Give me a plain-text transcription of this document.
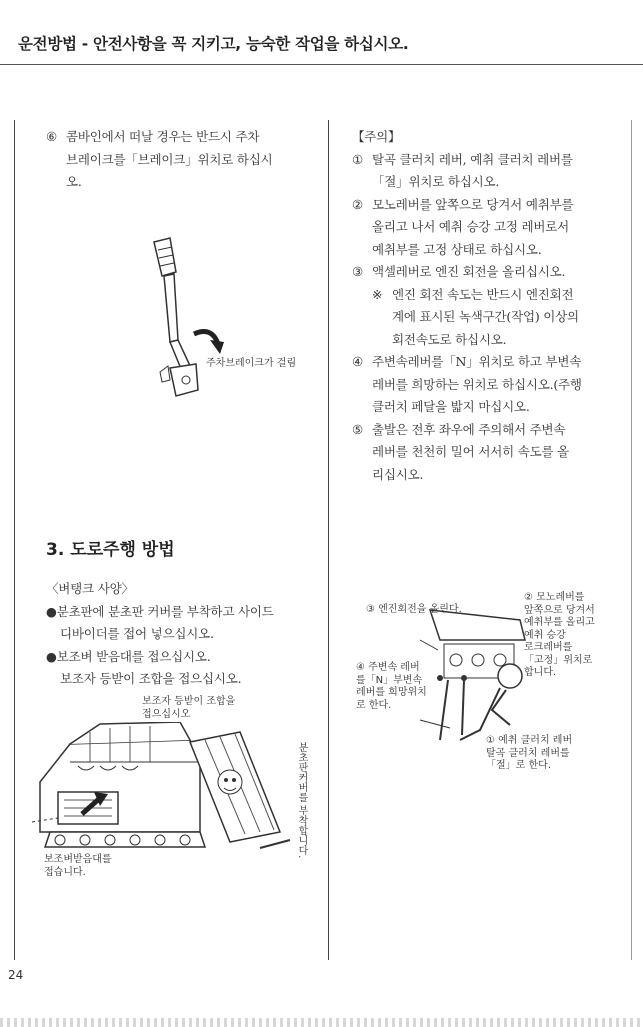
운전방법 - 안전사항을 꼭 지키고, 능숙한 작업을 하십시오.
⑥ 콤바인에서 떠날 경우는 반드시 주차
브레이크를「브레이크」위치로 하십시
오.
주차브레이크가 걸림
3. 도로주행 방법
〈벼탱크 사양〉
●분초판에 분초판 커버를 부착하고 사이드
디바이더를 접어 넣으십시오.
●보조벼 받음대를 접으십시오.
보조자 등받이 조합을 접으십시오.
보조자 등받이 조합을
접으십시오
분초판커버를 부착합니다.
보조벼받음대를
접습니다.
【주의】
① 탈곡 클러치 레버, 예취 클러치 레버를
「절」위치로 하십시오.
② 모노레버를 앞쪽으로 당겨서 예취부를
올리고 나서 예취 승강 고정 레버로서
예취부를 고정 상태로 하십시오.
③ 액셀레버로 엔진 회전을 올리십시오.
※ 엔진 회전 속도는 반드시 엔진회전
계에 표시된 녹색구간(작업) 이상의
회전속도로 하십시오.
④ 주변속레버를「N」위치로 하고 부변속
레버를 희망하는 위치로 하십시오.(주행
클러치 페달을 밟지 마십시오.
⑤ 출발은 전후 좌우에 주의해서 주변속
레버를 천천히 밀어 서서히 속도를 올
리십시오.
③ 엔진회전을 올린다.
② 모노레버를
앞쪽으로 당겨서
예취부를 올리고
예취 승강
로크레버를
「고정」위치로
합니다.
④ 주변속 레버
를「N」부변속
레버를 희망위치
로 한다.
① 예취 클러치 레버
탈곡 클러치 레버를
「절」로 한다.
24
